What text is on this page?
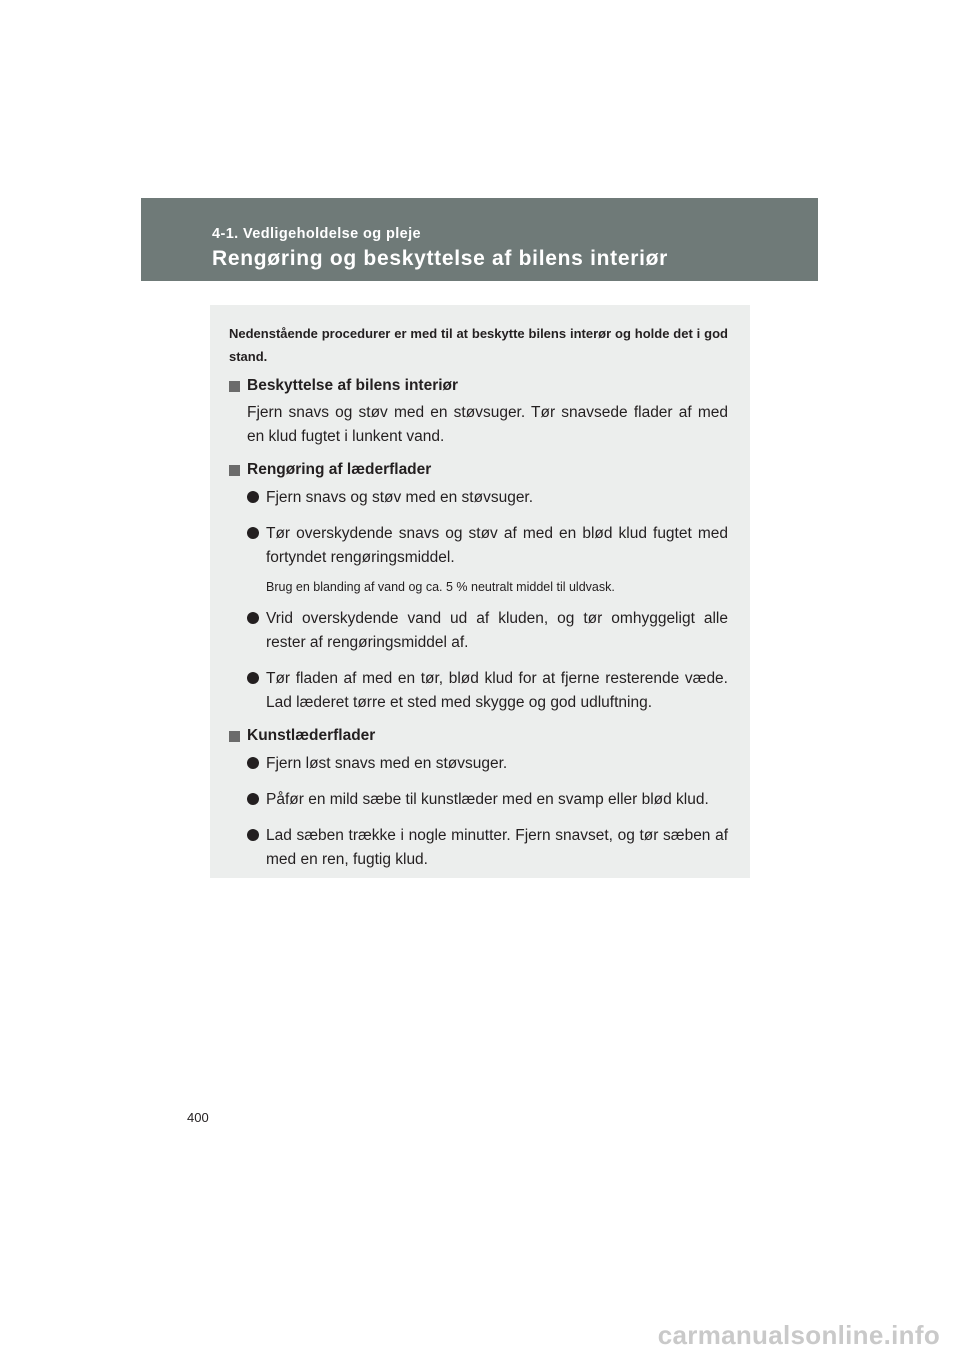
4-1. Vedligeholdelse og pleje
Rengøring og beskyttelse af bilens interiør

Nedenstående procedurer er med til at beskytte bilens interør og holde det i god stand.

Beskyttelse af bilens interiør

Fjern snavs og støv med en støvsuger. Tør snavsede flader af med en klud fugtet i lunkent vand.

Rengøring af læderflader
Fjern snavs og støv med en støvsuger.
Tør overskydende snavs og støv af med en blød klud fugtet med fortyndet rengøringsmiddel.

Brug en blanding af vand og ca. 5 % neutralt middel til uldvask.

Vrid overskydende vand ud af kluden, og tør omhyggeligt alle rester af rengøringsmiddel af.
Tør fladen af med en tør, blød klud for at fjerne resterende væde. Lad læderet tørre et sted med skygge og god udluftning.
Kunstlæderflader
Fjern løst snavs med en støvsuger.
Påfør en mild sæbe til kunstlæder med en svamp eller blød klud.
Lad sæben trække i nogle minutter. Fjern snavset, og tør sæben af med en ren, fugtig klud.
400
carmanualsonline.info
